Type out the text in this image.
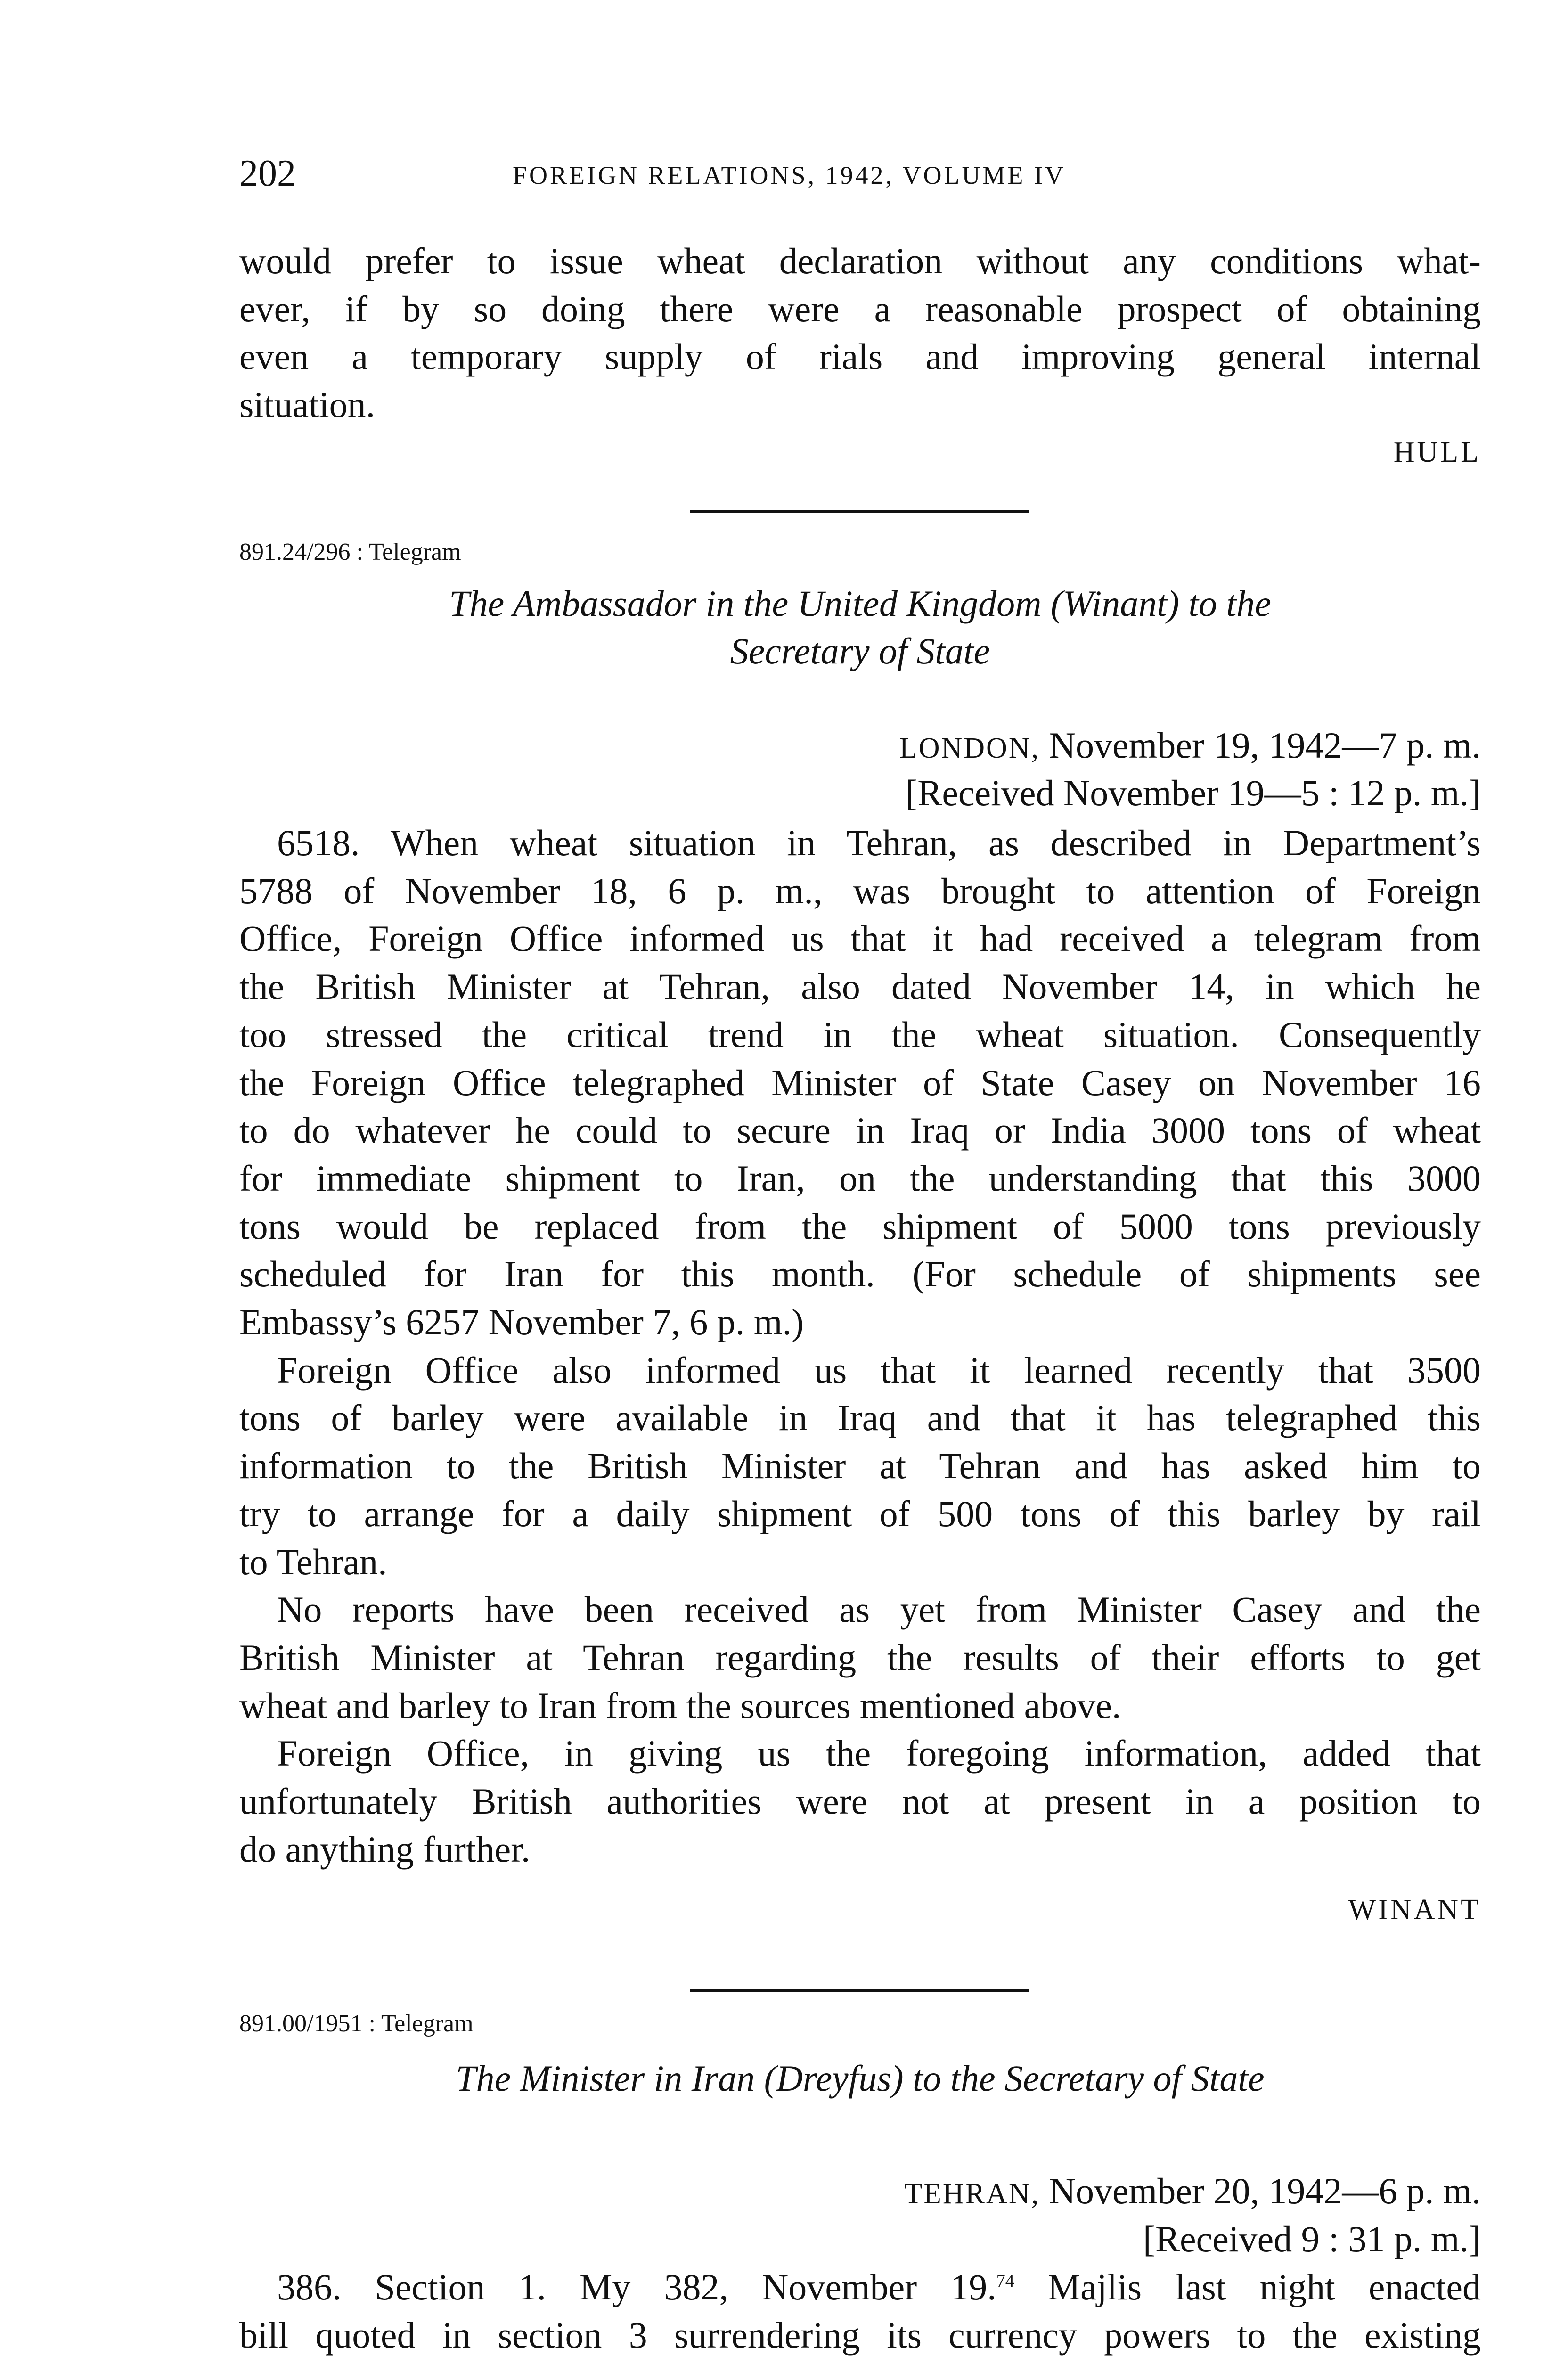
202	FOREIGN RELATIONS, 1942, VOLUME IV
would prefer to issue wheat declaration without any conditions what-
ever, if by so doing there were a reasonable prospect of obtaining
even a temporary supply of rials and improving general internal
situation.
HULL
891.24/296 : Telegram
The Ambassador in the United Kingdom (Winant) to the
Secretary of State
LONDON, November 19, 1942—7 p. m.
[Received November 19—5 : 12 p. m.]
6518. When wheat situation in Tehran, as described in Department’s
5788 of November 18, 6 p. m., was brought to attention of Foreign
Office, Foreign Office informed us that it had received a telegram from
the British Minister at Tehran, also dated November 14, in which he
too stressed the critical trend in the wheat situation. Consequently
the Foreign Office telegraphed Minister of State Casey on November 16
to do whatever he could to secure in Iraq or India 3000 tons of wheat
for immediate shipment to Iran, on the understanding that this 3000
tons would be replaced from the shipment of 5000 tons previously
scheduled for Iran for this month. (For schedule of shipments see
Embassy’s 6257 November 7, 6 p. m.)
Foreign Office also informed us that it learned recently that 3500
tons of barley were available in Iraq and that it has telegraphed this
information to the British Minister at Tehran and has asked him to
try to arrange for a daily shipment of 500 tons of this barley by rail
to Tehran.
No reports have been received as yet from Minister Casey and the
British Minister at Tehran regarding the results of their efforts to get
wheat and barley to Iran from the sources mentioned above.
Foreign Office, in giving us the foregoing information, added that
unfortunately British authorities were not at present in a position to
do anything further.
WINANT
891.00/1951 : Telegram
The Minister in Iran (Dreyfus) to the Secretary of State
TEHRAN, November 20, 1942—6 p. m.
[Received 9 : 31 p. m.]
386. Section 1. My 382, November 19.74 Majlis last night enacted
bill quoted in section 3 surrendering its currency powers to the existing
